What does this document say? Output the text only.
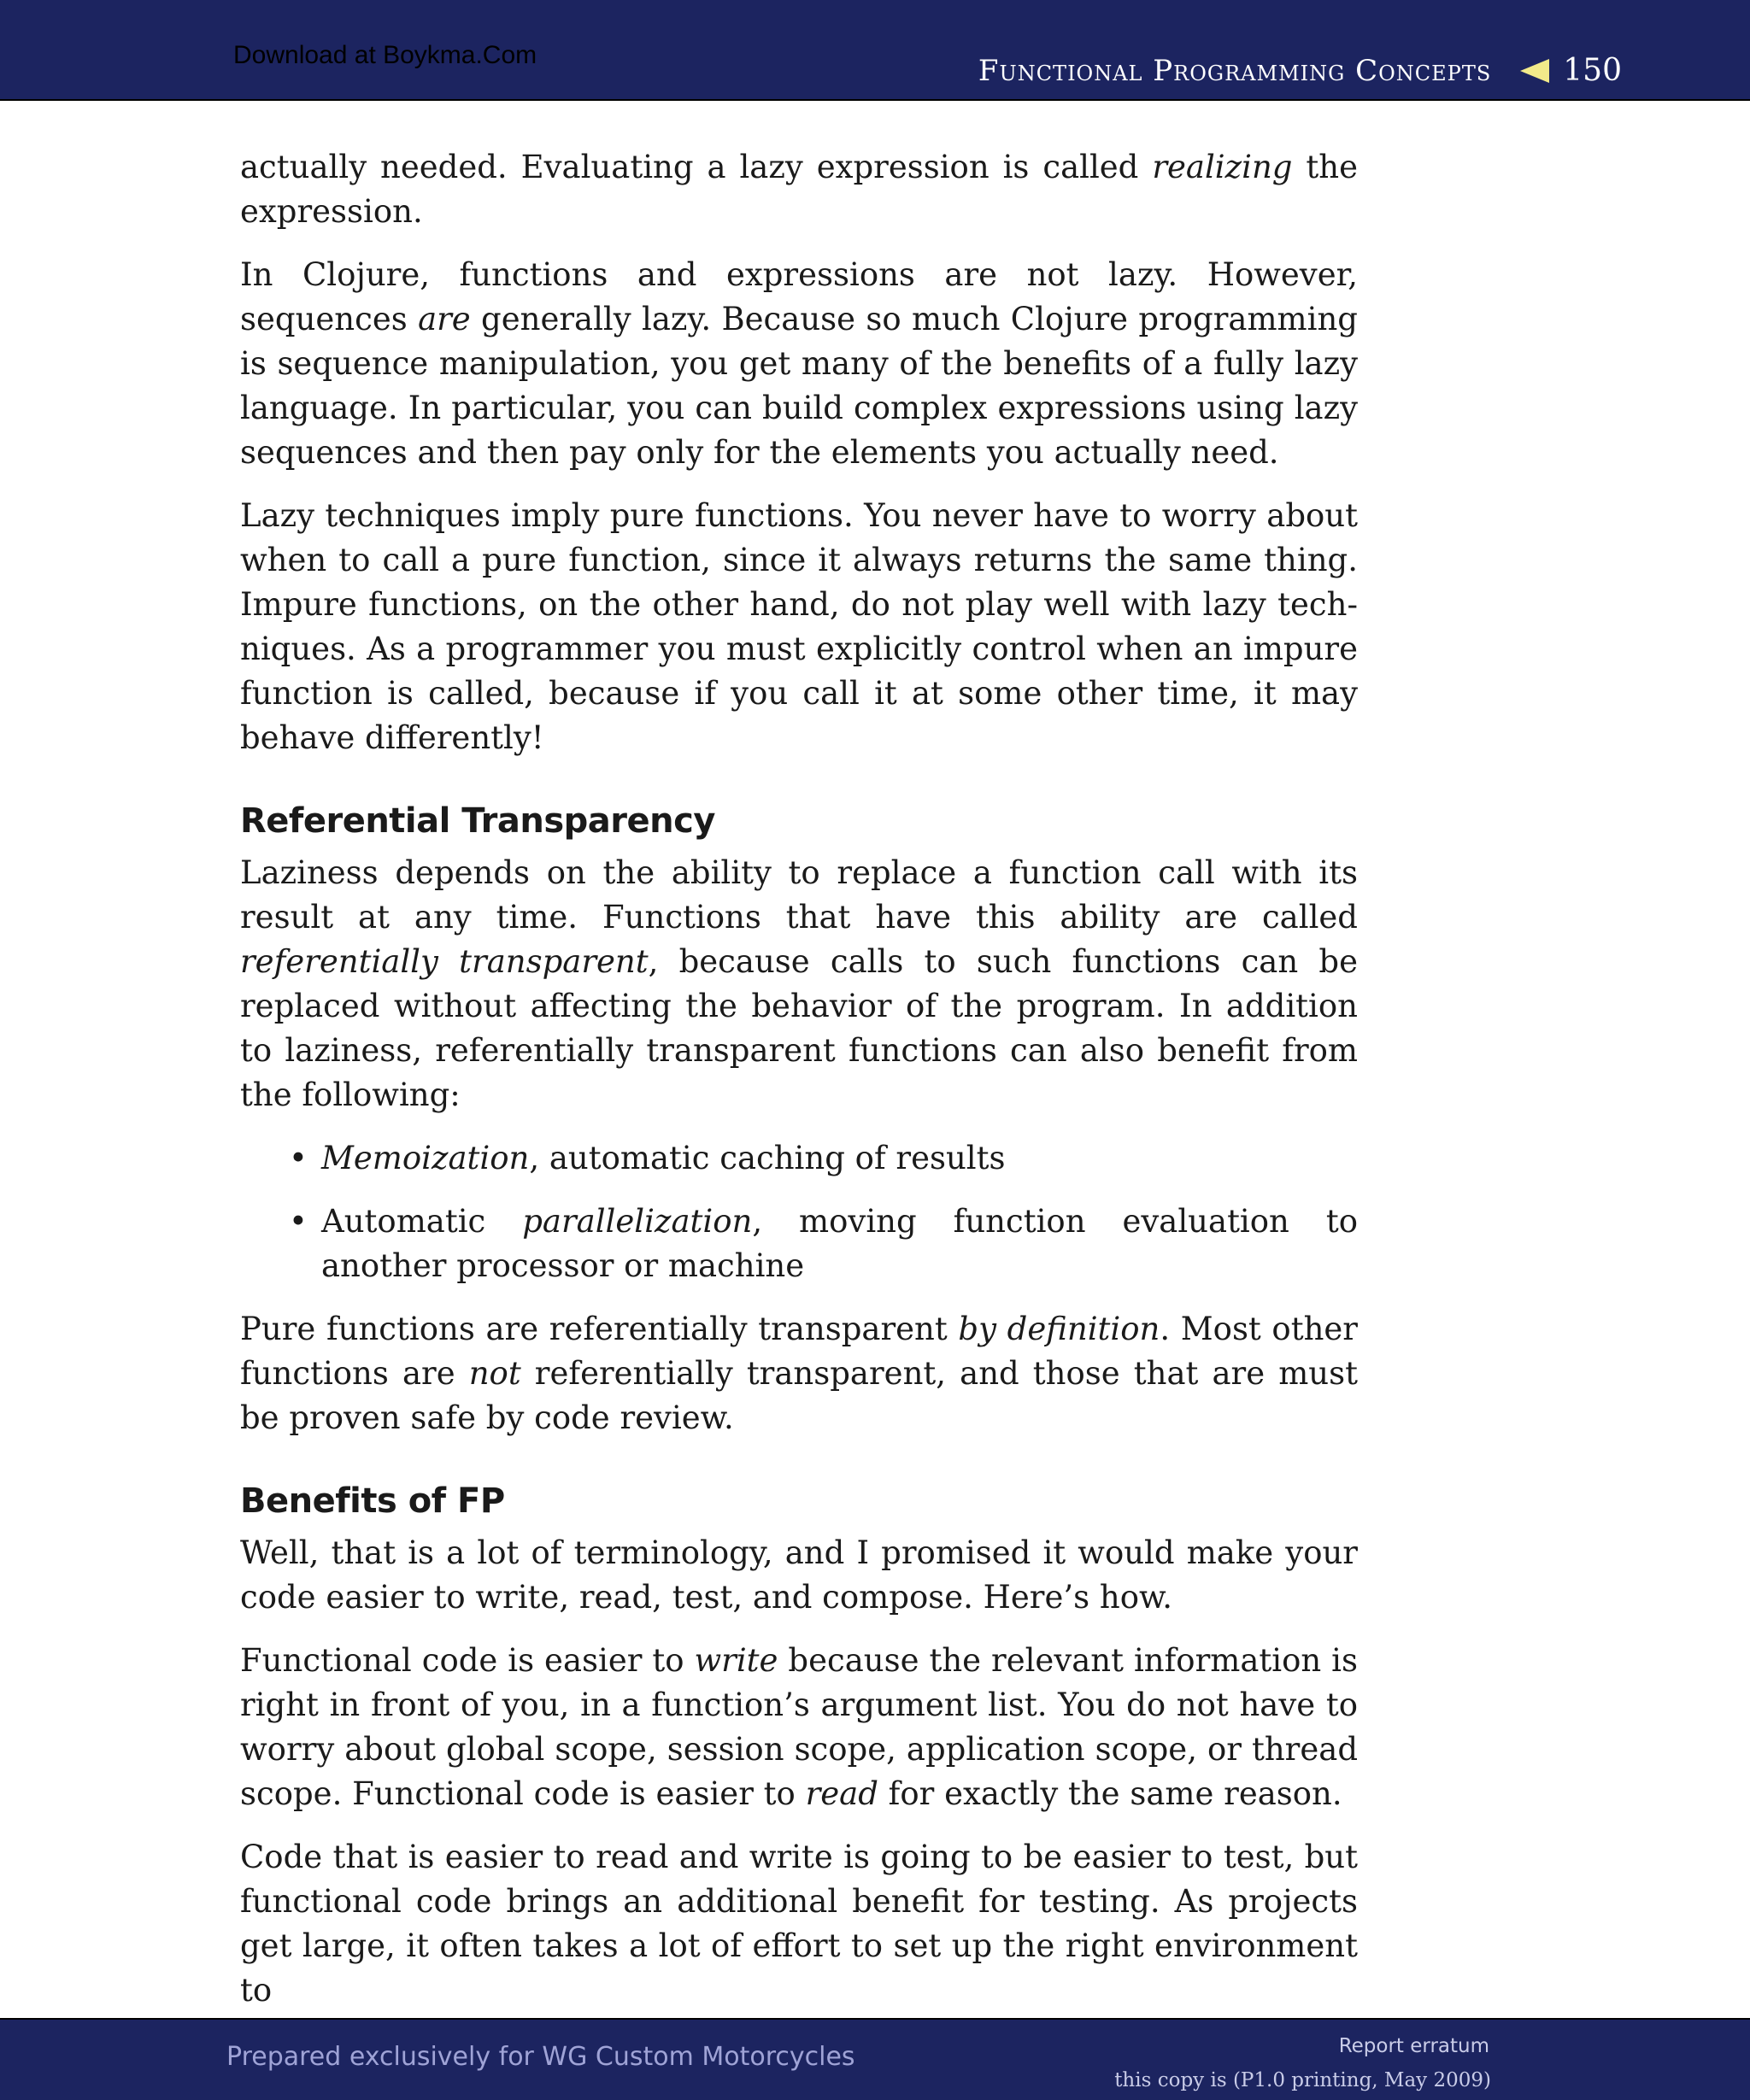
Download at Boykma.Com	Functional Programming Concepts 150

actually needed. Evaluating a lazy expression is called realizing the expression.

In Clojure, functions and expressions are not lazy. However, sequences are generally lazy. Because so much Clojure programming is sequence manipulation, you get many of the benefits of a fully lazy language. In particular, you can build complex expressions using lazy sequences and then pay only for the elements you actually need.

Lazy techniques imply pure functions. You never have to worry about when to call a pure function, since it always returns the same thing. Impure functions, on the other hand, do not play well with lazy techniques. As a programmer you must explicitly control when an impure function is called, because if you call it at some other time, it may behave differently!

Referential Transparency

Laziness depends on the ability to replace a function call with its result at any time. Functions that have this ability are called referentially transparent, because calls to such functions can be replaced without affecting the behavior of the program. In addition to laziness, referentially transparent functions can also benefit from the following:

• Memoization, automatic caching of results
• Automatic parallelization, moving function evaluation to another processor or machine

Pure functions are referentially transparent by definition. Most other functions are not referentially transparent, and those that are must be proven safe by code review.

Benefits of FP

Well, that is a lot of terminology, and I promised it would make your code easier to write, read, test, and compose. Here’s how.

Functional code is easier to write because the relevant information is right in front of you, in a function’s argument list. You do not have to worry about global scope, session scope, application scope, or thread scope. Functional code is easier to read for exactly the same reason.

Code that is easier to read and write is going to be easier to test, but functional code brings an additional benefit for testing. As projects get large, it often takes a lot of effort to set up the right environment to

Prepared exclusively for WG Custom Motorcycles	Report erratum
this copy is (P1.0 printing, May 2009)
